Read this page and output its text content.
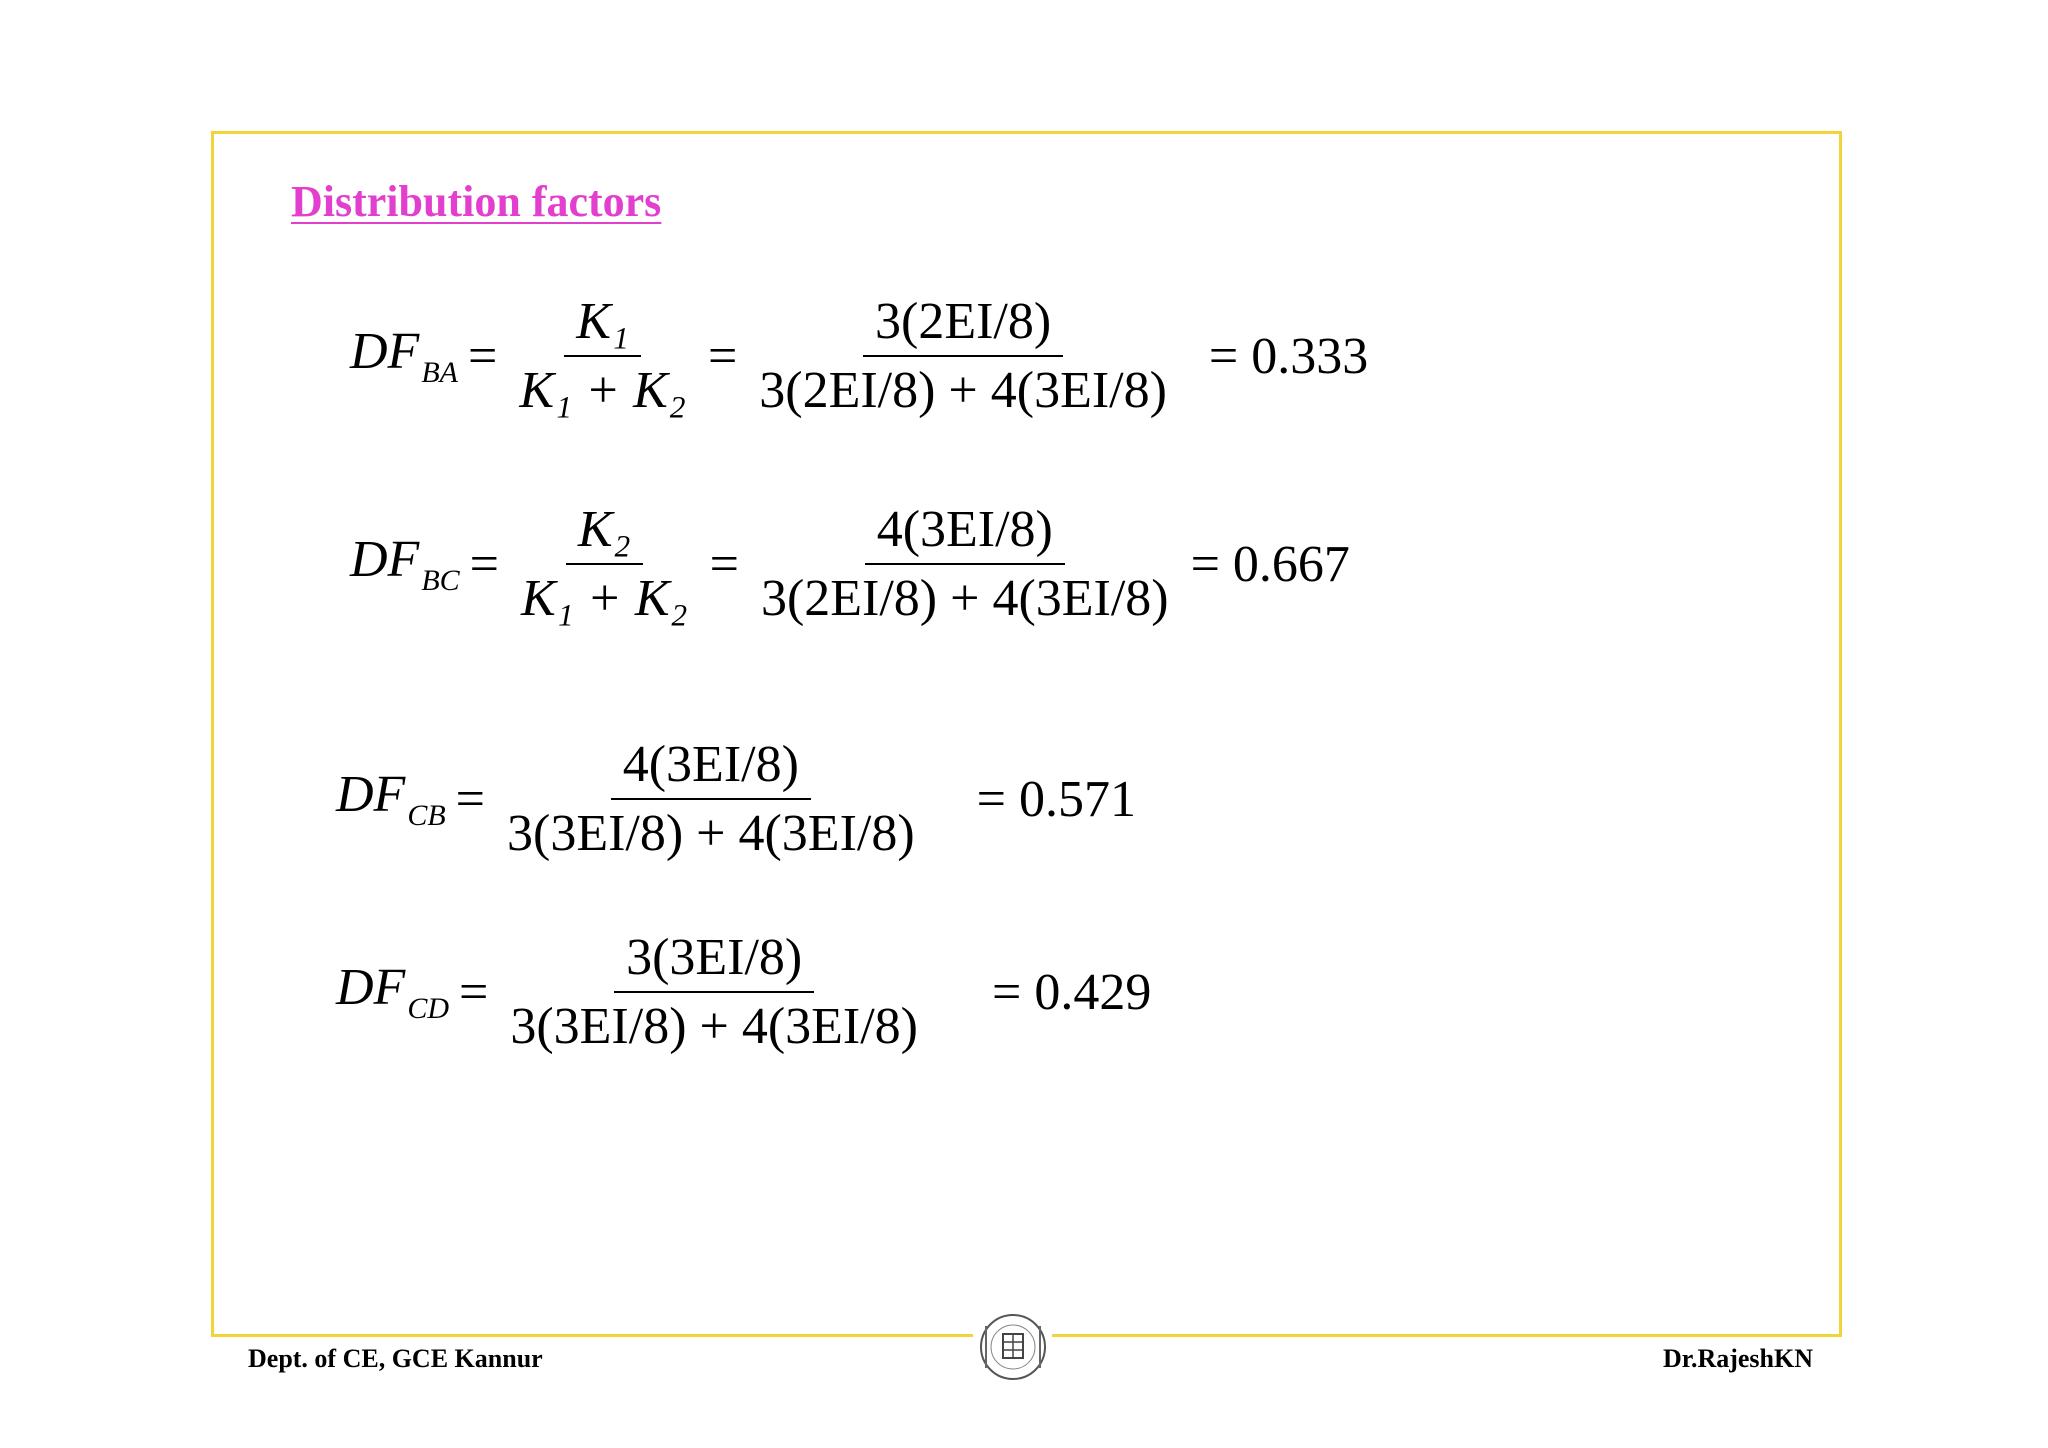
Distribution factors
$DF_{BA} = \frac{\text{K₁}}{\text{K₁ + K₂}} = \frac{3(2EI/8)}{3(2EI/8) + 4(3EI/8)} = 0.333$
$DF_{BC} = \frac{\text{K₂}}{\text{K₁ + K₂}} = \frac{4(3EI/8)}{3(2EI/8) + 4(3EI/8)} = 0.667$
$DF_{CB} = \frac{4(3EI/8)}{3(3EI/8) + 4(3EI/8)} = 0.571$
$DF_{CD} = \frac{3(3EI/8)}{3(3EI/8) + 4(3EI/8)} = 0.429$
Dept. of CE, GCE Kannur	Dr.RajeshKN
